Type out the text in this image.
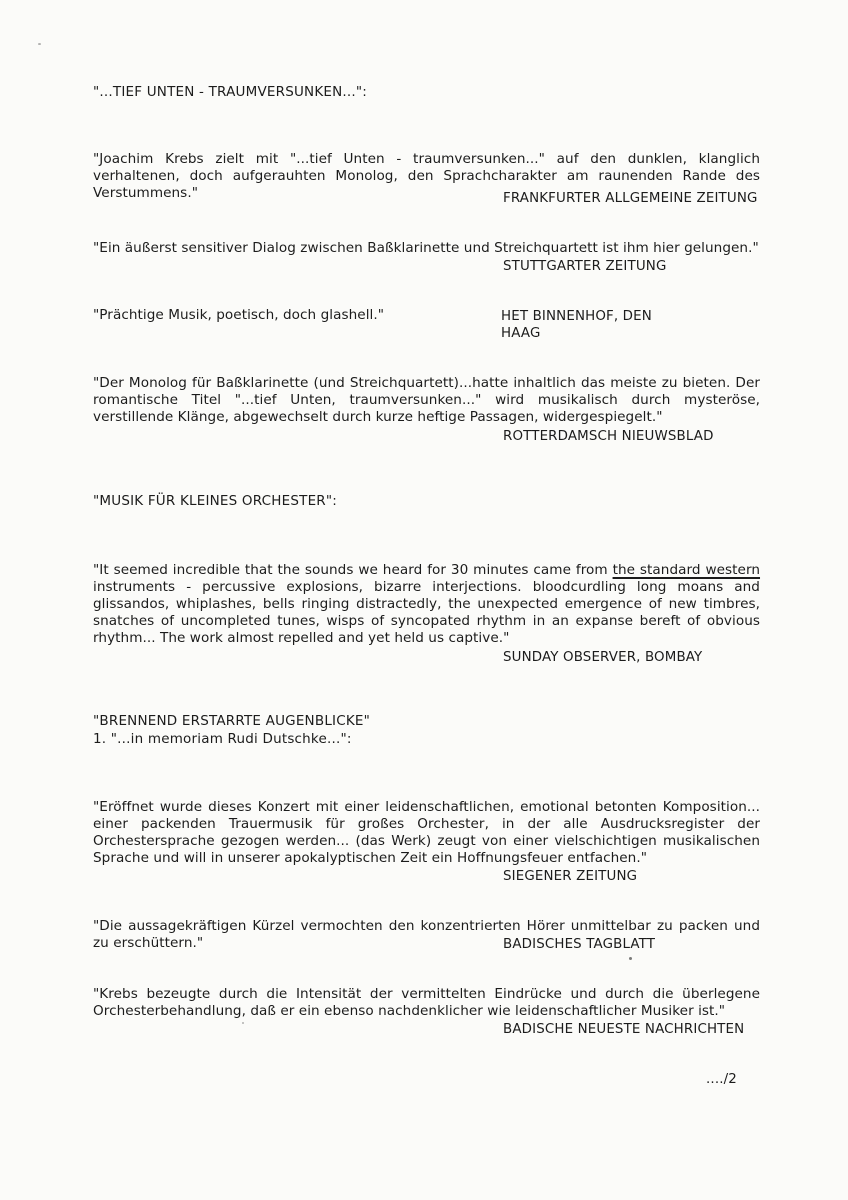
"...TIEF UNTEN - TRAUMVERSUNKEN...":
"Joachim Krebs zielt mit "...tief Unten - traumversunken..." auf den dunklen, klanglich verhaltenen, doch aufgerauhten Monolog, den Sprachcharakter am raunenden Rande des Verstummens."	FRANKFURTER ALLGEMEINE ZEITUNG
"Ein äußerst sensitiver Dialog zwischen Baßklarinette und Streichquartett ist ihm hier gelungen."
STUTTGARTER ZEITUNG
"Prächtige Musik, poetisch, doch glashell."	HET BINNENHOF, DEN HAAG
"Der Monolog für Baßklarinette (und Streichquartett)...hatte inhaltlich das meiste zu bieten. Der romantische Titel "...tief Unten, traumversunken..." wird musikalisch durch mysteröse, verstillende Klänge, abgewechselt durch kurze heftige Passagen, widergespiegelt."
ROTTERDAMSCH NIEUWSBLAD
"MUSIK FÜR KLEINES ORCHESTER":
"It seemed incredible that the sounds we heard for 30 minutes came from the standard western instruments - percussive explosions, bizarre interjections. bloodcurdling long moans and glissandos, whiplashes, bells ringing distractedly, the unexpected emergence of new timbres, snatches of uncompleted tunes, wisps of syncopated rhythm in an expanse bereft of obvious rhythm... The work almost repelled and yet held us captive."
SUNDAY OBSERVER, BOMBAY
"BRENNEND ERSTARRTE AUGENBLICKE"
1. "...in memoriam Rudi Dutschke...":
"Eröffnet wurde dieses Konzert mit einer leidenschaftlichen, emotional betonten Komposition... einer packenden Trauermusik für großes Orchester, in der alle Ausdrucksregister der Orchestersprache gezogen werden... (das Werk) zeugt von einer vielschichtigen musikalischen Sprache und will in unserer apokalyptischen Zeit ein Hoffnungsfeuer entfachen."
SIEGENER ZEITUNG
"Die aussagekräftigen Kürzel vermochten den konzentrierten Hörer unmittelbar zu packen und zu erschüttern."	BADISCHES TAGBLATT
"Krebs bezeugte durch die Intensität der vermittelten Eindrücke und durch die überlegene Orchesterbehandlung, daß er ein ebenso nachdenklicher wie leidenschaftlicher Musiker ist."
BADISCHE NEUESTE NACHRICHTEN
..../2
